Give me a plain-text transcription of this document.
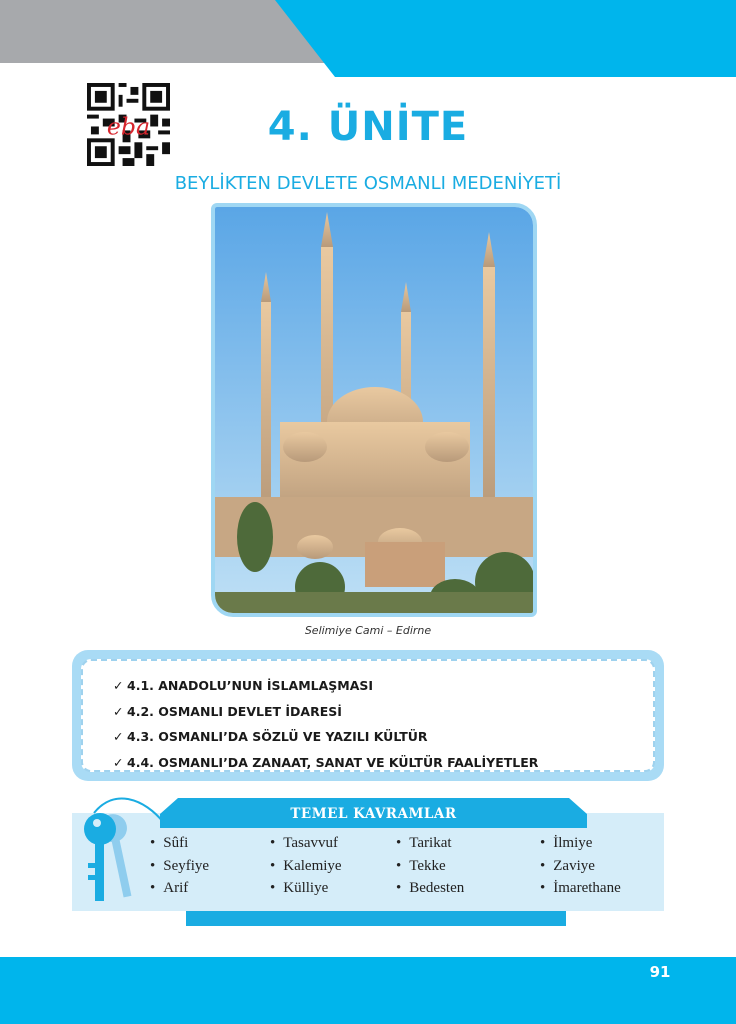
eba	4. ÜNİTE
BEYLİKTEN DEVLETE OSMANLI MEDENİYETİ
Selimiye Cami – Edirne
✓ 4.1. ANADOLU’NUN İSLAMLAŞMASI
✓ 4.2. OSMANLI DEVLET İDARESİ
✓ 4.3. OSMANLI’DA SÖZLÜ VE YAZILI KÜLTÜR
✓ 4.4. OSMANLI’DA ZANAAT, SANAT VE KÜLTÜR FAALİYETLER
TEMEL KAVRAMLAR
• Sûfi
• Seyfiye
• Arif
• Tasavvuf
• Kalemiye
• Külliye
• Tarikat
• Tekke
• Bedesten
• İlmiye
• Zaviye
• İmarethane
91
